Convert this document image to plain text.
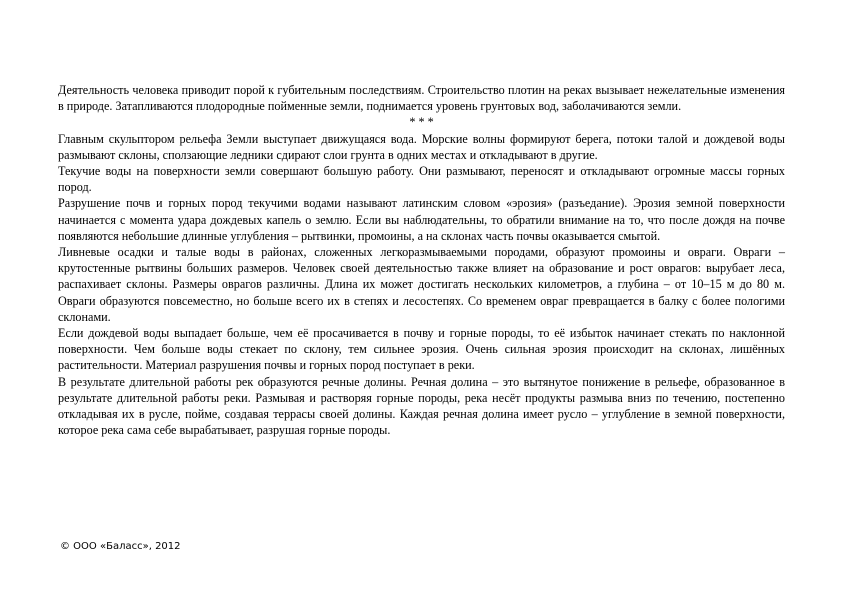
Деятельность человека приводит порой к губительным последствиям. Строительство плотин на реках вызывает нежелательные изменения в природе. Затапливаются плодородные пойменные земли, поднимается уровень грунтовых вод, заболачиваются земли.

* * *

Главным скульптором рельефа Земли выступает движущаяся вода. Морские волны формируют берега, потоки талой и дождевой воды размывают склоны, сползающие ледники сдирают слои грунта в одних местах и откладывают в другие.

Текучие воды на поверхности земли совершают большую работу. Они размывают, переносят и откладывают огромные массы горных пород.

Разрушение почв и горных пород текучими водами называют латинским словом «эрозия» (разъедание). Эрозия земной поверхности начинается с момента удара дождевых капель о землю. Если вы наблюдательны, то обратили внимание на то, что после дождя на почве появляются небольшие длинные углубления – рытвинки, промоины, а на склонах часть почвы оказывается смытой.

Ливневые осадки и талые воды в районах, сложенных легкоразмываемыми породами, образуют промоины и овраги. Овраги – крутостенные рытвины больших размеров. Человек своей деятельностью также влияет на образование и рост оврагов: вырубает леса, распахивает склоны. Размеры оврагов различны. Длина их может достигать нескольких километров, а глубина – от 10–15 м до 80 м. Овраги образуются повсеместно, но больше всего их в степях и лесостепях. Со временем овраг превращается в балку с более пологими склонами.

Если дождевой воды выпадает больше, чем её просачивается в почву и горные породы, то её избыток начинает стекать по наклонной поверхности. Чем больше воды стекает по склону, тем сильнее эрозия. Очень сильная эрозия происходит на склонах, лишённых растительности. Материал разрушения почвы и горных пород поступает в реки.

В результате длительной работы рек образуются речные долины. Речная долина – это вытянутое понижение в рельефе, образованное в результате длительной работы реки. Размывая и растворяя горные породы, река несёт продукты размыва вниз по течению, постепенно откладывая их в русле, пойме, создавая террасы своей долины. Каждая речная долина имеет русло – углубление в земной поверхности, которое река сама себе вырабатывает, разрушая горные породы.

© ООО «Баласс», 2012
